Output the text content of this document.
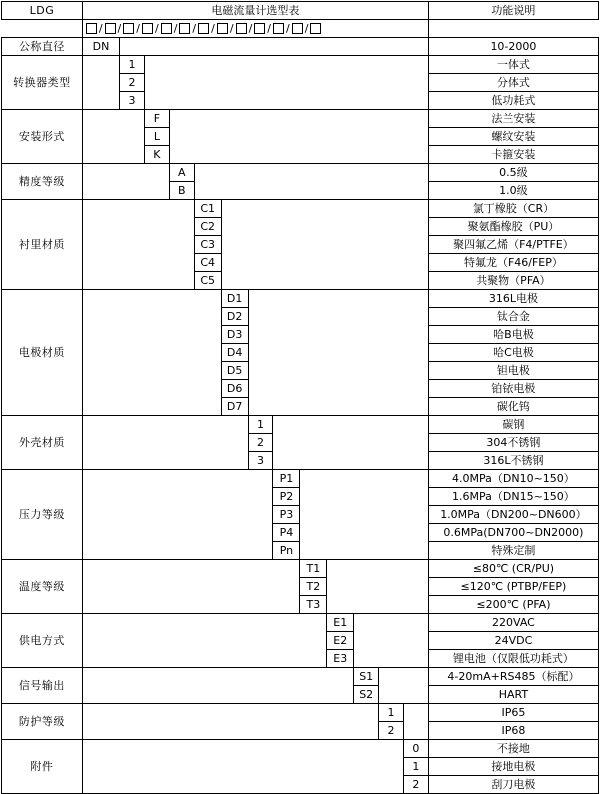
LDG	电磁流量计选型表													功能说明

/ / / / / / / / / / / /

公称直径	DN													10-2000
转换器类型		1												一体式
		2												分体式
		3												低功耗式
安装形式			F											法兰安装
			L											螺纹安装
			K											卡箍安装
精度等级				A										0.5级
				B										1.0级
衬里材质					C1									氯丁橡胶（CR）
					C2									聚氨酯橡胶（PU）
					C3									聚四氟乙烯（F4/PTFE）
					C4									特氟龙（F46/FEP）
					C5									共聚物（PFA）
电极材质						D1								316L电极
						D2								钛合金
						D3								哈B电极
						D4								哈C电极
						D5								钽电极
						D6								铂铱电极
						D7								碳化钨
外壳材质							1							碳钢
							2							304不锈钢
							3							316L不锈钢
压力等级								P1						4.0MPa（DN10~150）
								P2						1.6MPa（DN15~150）
								P3						1.0MPa（DN200~DN600）
								P4						0.6MPa(DN700~DN2000)
								Pn						特殊定制
温度等级									T1					≤80℃ (CR/PU)
									T2					≤120℃ (PTBP/FEP)
									T3					≤200℃ (PFA)
供电方式										E1				220VAC
										E2				24VDC
										E3				锂电池（仅限低功耗式）
信号输出											S1			4-20mA+RS485（标配）
											S2			HART
防护等级												1		IP65
												2		IP68
附件													0	不接地
													1	接地电极
													2	刮刀电极
